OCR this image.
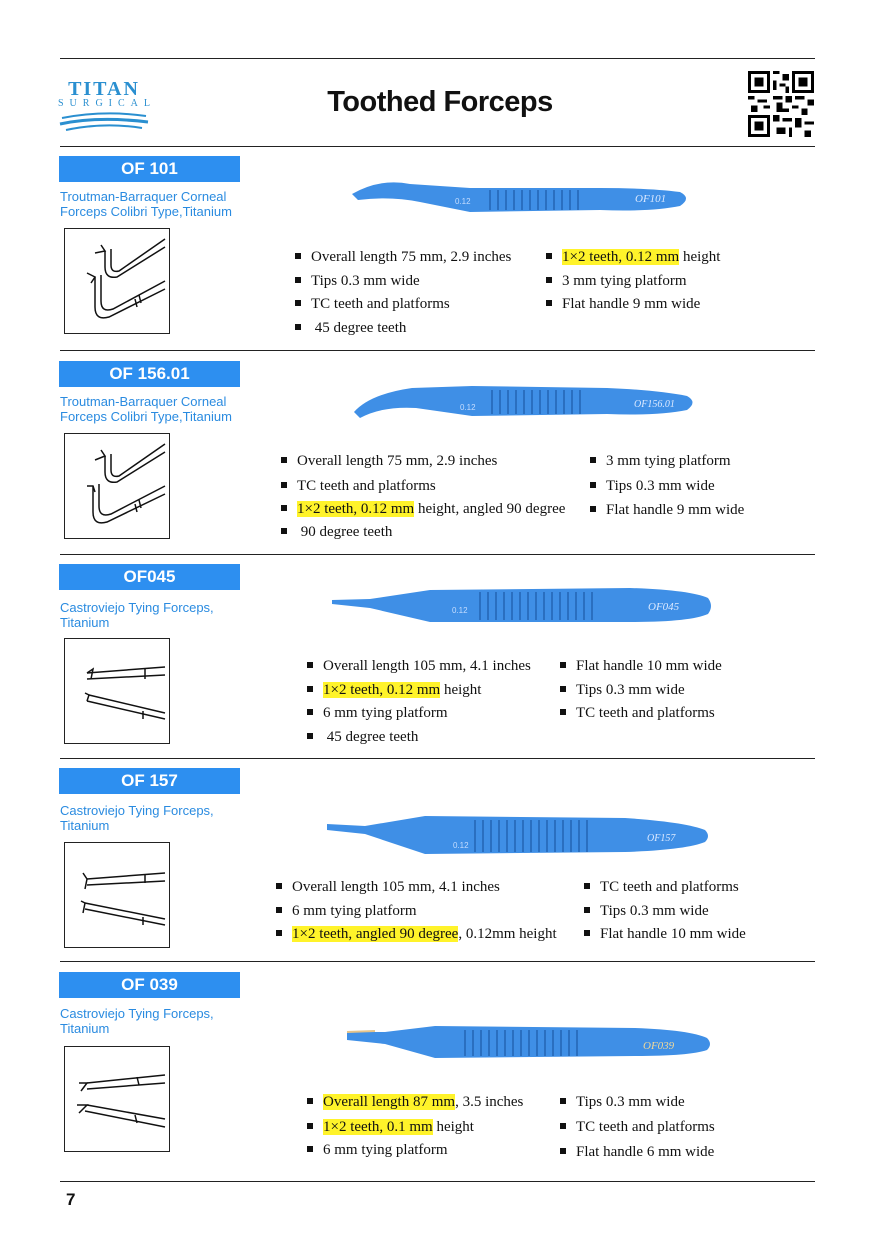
TITAN
SURGICAL	Toothed Forceps
OF 101
Troutman-Barraquer Corneal
Forceps Colibri Type,Titanium
0.12	OF101
Overall length 75 mm, 2.9 inches
Tips 0.3 mm wide
TC teeth and platforms
45 degree teeth
1×2 teeth, 0.12 mm height
3 mm tying platform
Flat handle 9 mm wide
OF 156.01
Troutman-Barraquer Corneal
Forceps Colibri Type,Titanium
0.12	OF156.01
Overall length 75 mm, 2.9 inches
TC teeth and platforms
1×2 teeth, 0.12 mm height, angled 90 degree
90 degree teeth
3 mm tying platform
Tips 0.3 mm wide
Flat handle 9 mm wide
OF045
Castroviejo Tying Forceps,
Titanium
0.12	OF045
Overall length 105 mm, 4.1 inches
1×2 teeth, 0.12 mm height
6 mm tying platform
45 degree teeth
Flat handle 10 mm wide
Tips 0.3 mm wide
TC teeth and platforms
OF 157
Castroviejo Tying Forceps,
Titanium
0.12
OF157
Overall length 105 mm, 4.1 inches
6 mm tying platform
1×2 teeth, angled 90 degree, 0.12mm height
TC teeth and platforms
Tips 0.3 mm wide
Flat handle 10 mm wide
OF 039
Castroviejo Tying Forceps,
Titanium
OF039
Overall length 87 mm, 3.5 inches
1×2 teeth, 0.1 mm height
6 mm tying platform
Tips 0.3 mm wide
TC teeth and platforms
Flat handle 6 mm wide
7
